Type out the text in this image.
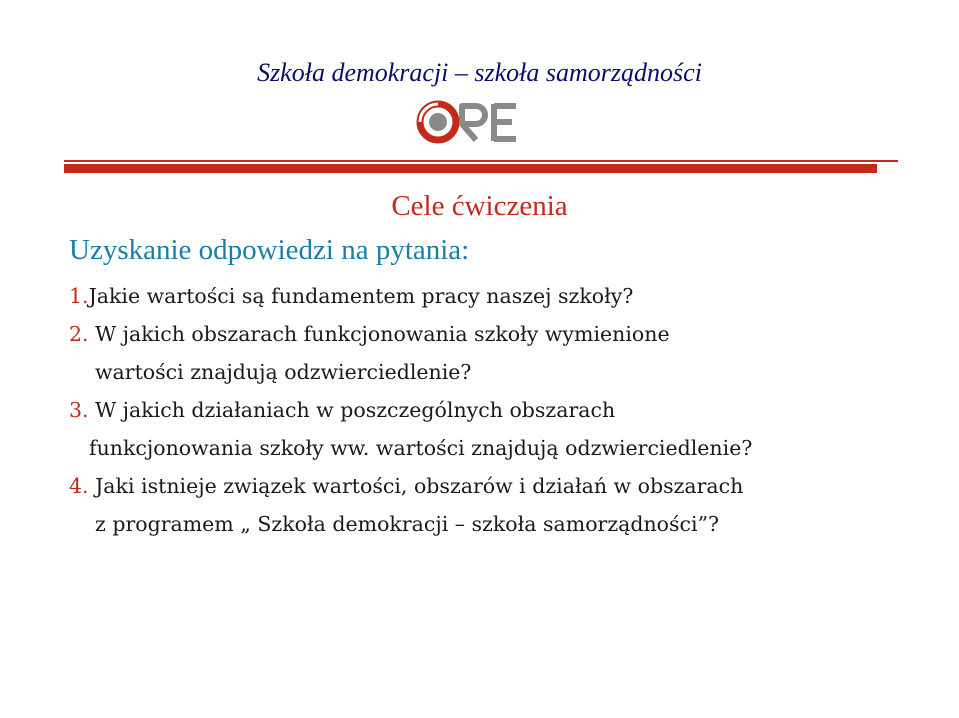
Szkoła demokracji – szkoła samorządności
Cele ćwiczenia
Uzyskanie odpowiedzi na pytania:
1.Jakie wartości są fundamentem pracy naszej szkoły?
2. W jakich obszarach funkcjonowania szkoły wymienione
wartości znajdują odzwierciedlenie?
3. W jakich działaniach w poszczególnych obszarach
funkcjonowania szkoły ww. wartości znajdują odzwierciedlenie?
4. Jaki istnieje związek wartości, obszarów i działań w obszarach
z programem „ Szkoła demokracji – szkoła samorządności”?
